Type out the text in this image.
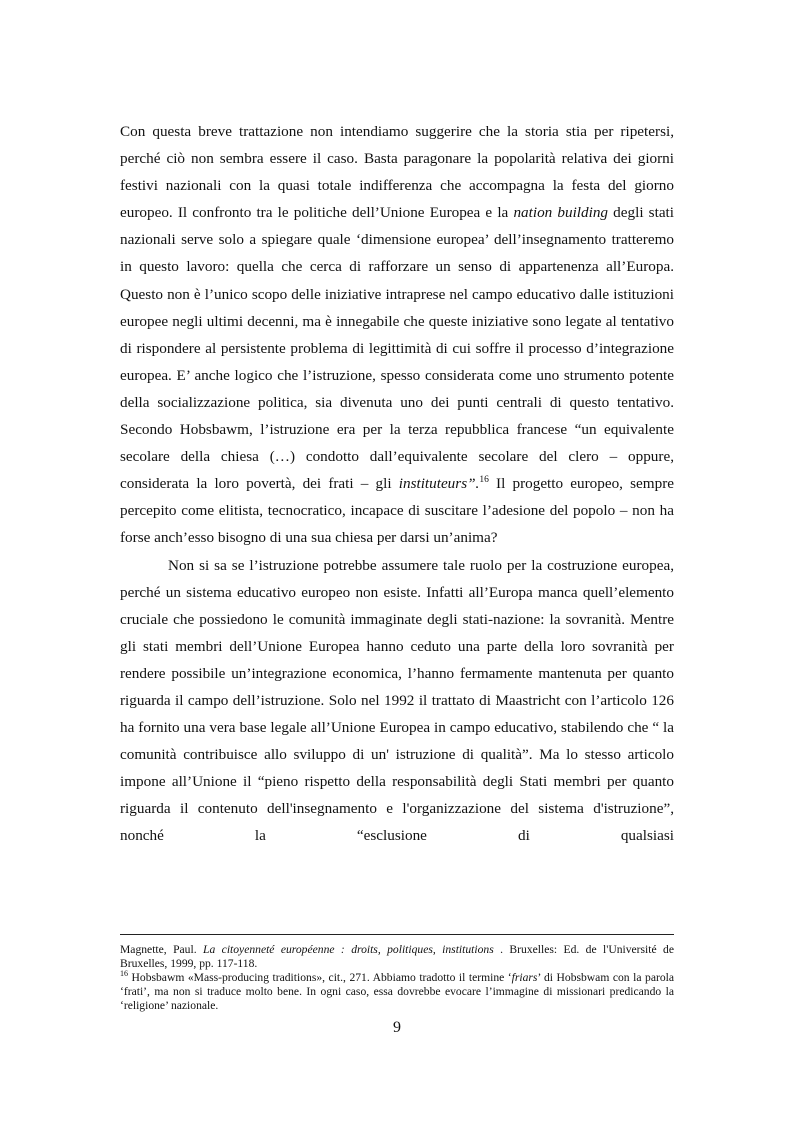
Con questa breve trattazione non intendiamo suggerire che la storia stia per ripetersi, perché ciò non sembra essere il caso. Basta paragonare la popolarità relativa dei giorni festivi nazionali con la quasi totale indifferenza che accompagna la festa del giorno europeo. Il confronto tra le politiche dell’Unione Europea e la nation building degli stati nazionali serve solo a spiegare quale ‘dimensione europea’ dell’insegnamento tratteremo in questo lavoro: quella che cerca di rafforzare un senso di appartenenza all’Europa. Questo non è l’unico scopo delle iniziative intraprese nel campo educativo dalle istituzioni europee negli ultimi decenni, ma è innegabile che queste iniziative sono legate al tentativo di rispondere al persistente problema di legittimità di cui soffre il processo d’integrazione europea. E’ anche logico che l’istruzione, spesso considerata come uno strumento potente della socializzazione politica, sia divenuta uno dei punti centrali di questo tentativo. Secondo Hobsbawm, l’istruzione era per la terza repubblica francese “un equivalente secolare della chiesa (…) condotto dall’equivalente secolare del clero – oppure, considerata la loro povertà, dei frati – gli instituteurs”.$^{16}$ Il progetto europeo, sempre percepito come elitista, tecnocratico, incapace di suscitare l’adesione del popolo – non ha forse anch’esso bisogno di una sua chiesa per darsi un’anima?

Non si sa se l’istruzione potrebbe assumere tale ruolo per la costruzione europea, perché un sistema educativo europeo non esiste. Infatti all’Europa manca quell’elemento cruciale che possiedono le comunità immaginate degli stati-nazione: la sovranità. Mentre gli stati membri dell’Unione Europea hanno ceduto una parte della loro sovranità per rendere possibile un’integrazione economica, l’hanno fermamente mantenuta per quanto riguarda il campo dell’istruzione. Solo nel 1992 il trattato di Maastricht con l’articolo 126 ha fornito una vera base legale all’Unione Europea in campo educativo, stabilendo che “ la comunità contribuisce allo sviluppo di un' istruzione di qualità”. Ma lo stesso articolo impone all’Unione il “pieno rispetto della responsabilità degli Stati membri per quanto riguarda il contenuto dell'insegnamento e l'organizzazione del sistema d'istruzione”, nonché la “esclusione di qualsiasi

Magnette, Paul. La citoyenneté européenne : droits, politiques, institutions . Bruxelles: Ed. de l'Université de Bruxelles, 1999, pp. 117-118.

$^{16}$ Hobsbawm «Mass-producing traditions», cit., 271. Abbiamo tradotto il termine ‘friars’ di Hobsbwam con la parola ‘frati’, ma non si traduce molto bene. In ogni caso, essa dovrebbe evocare l’immagine di missionari predicando la ‘religione’ nazionale.

9
